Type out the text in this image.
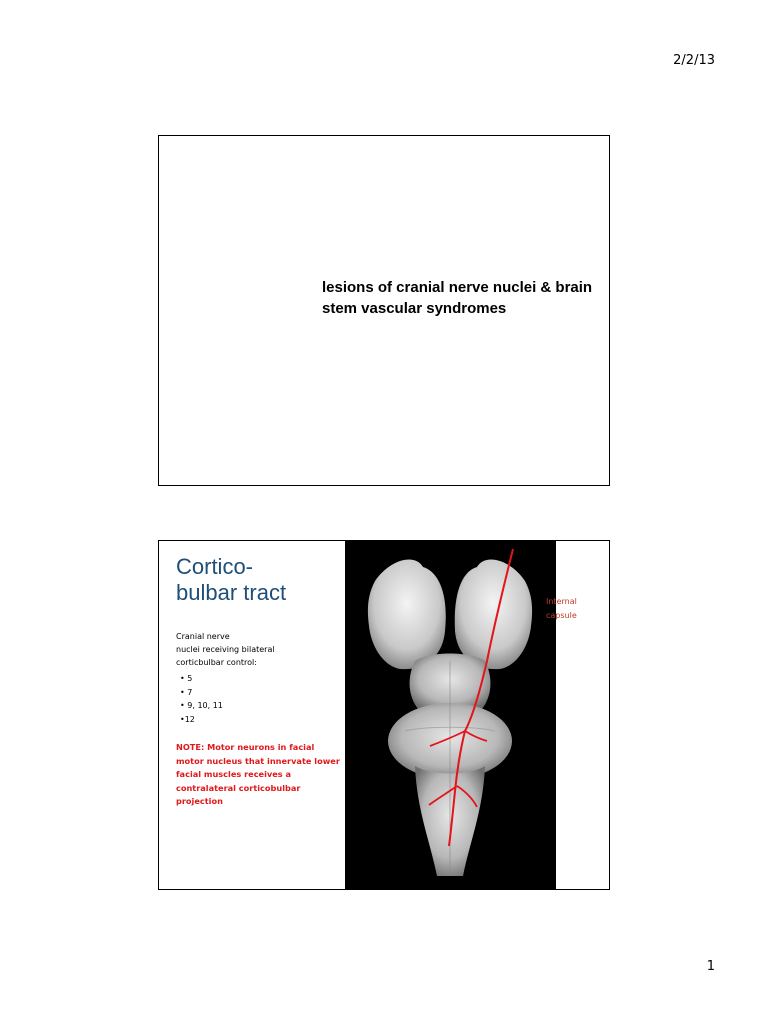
2/2/13
lesions of cranial nerve nuclei & brain stem vascular syndromes
Cortico-
bulbar tract
Cranial nerve
nuclei receiving bilateral
corticbulbar control:
• 5
• 7
• 9, 10, 11
•12
NOTE: Motor neurons in facial motor nucleus that innervate lower facial muscles receives a contralateral corticobulbar projection
Internal
capsule
1
